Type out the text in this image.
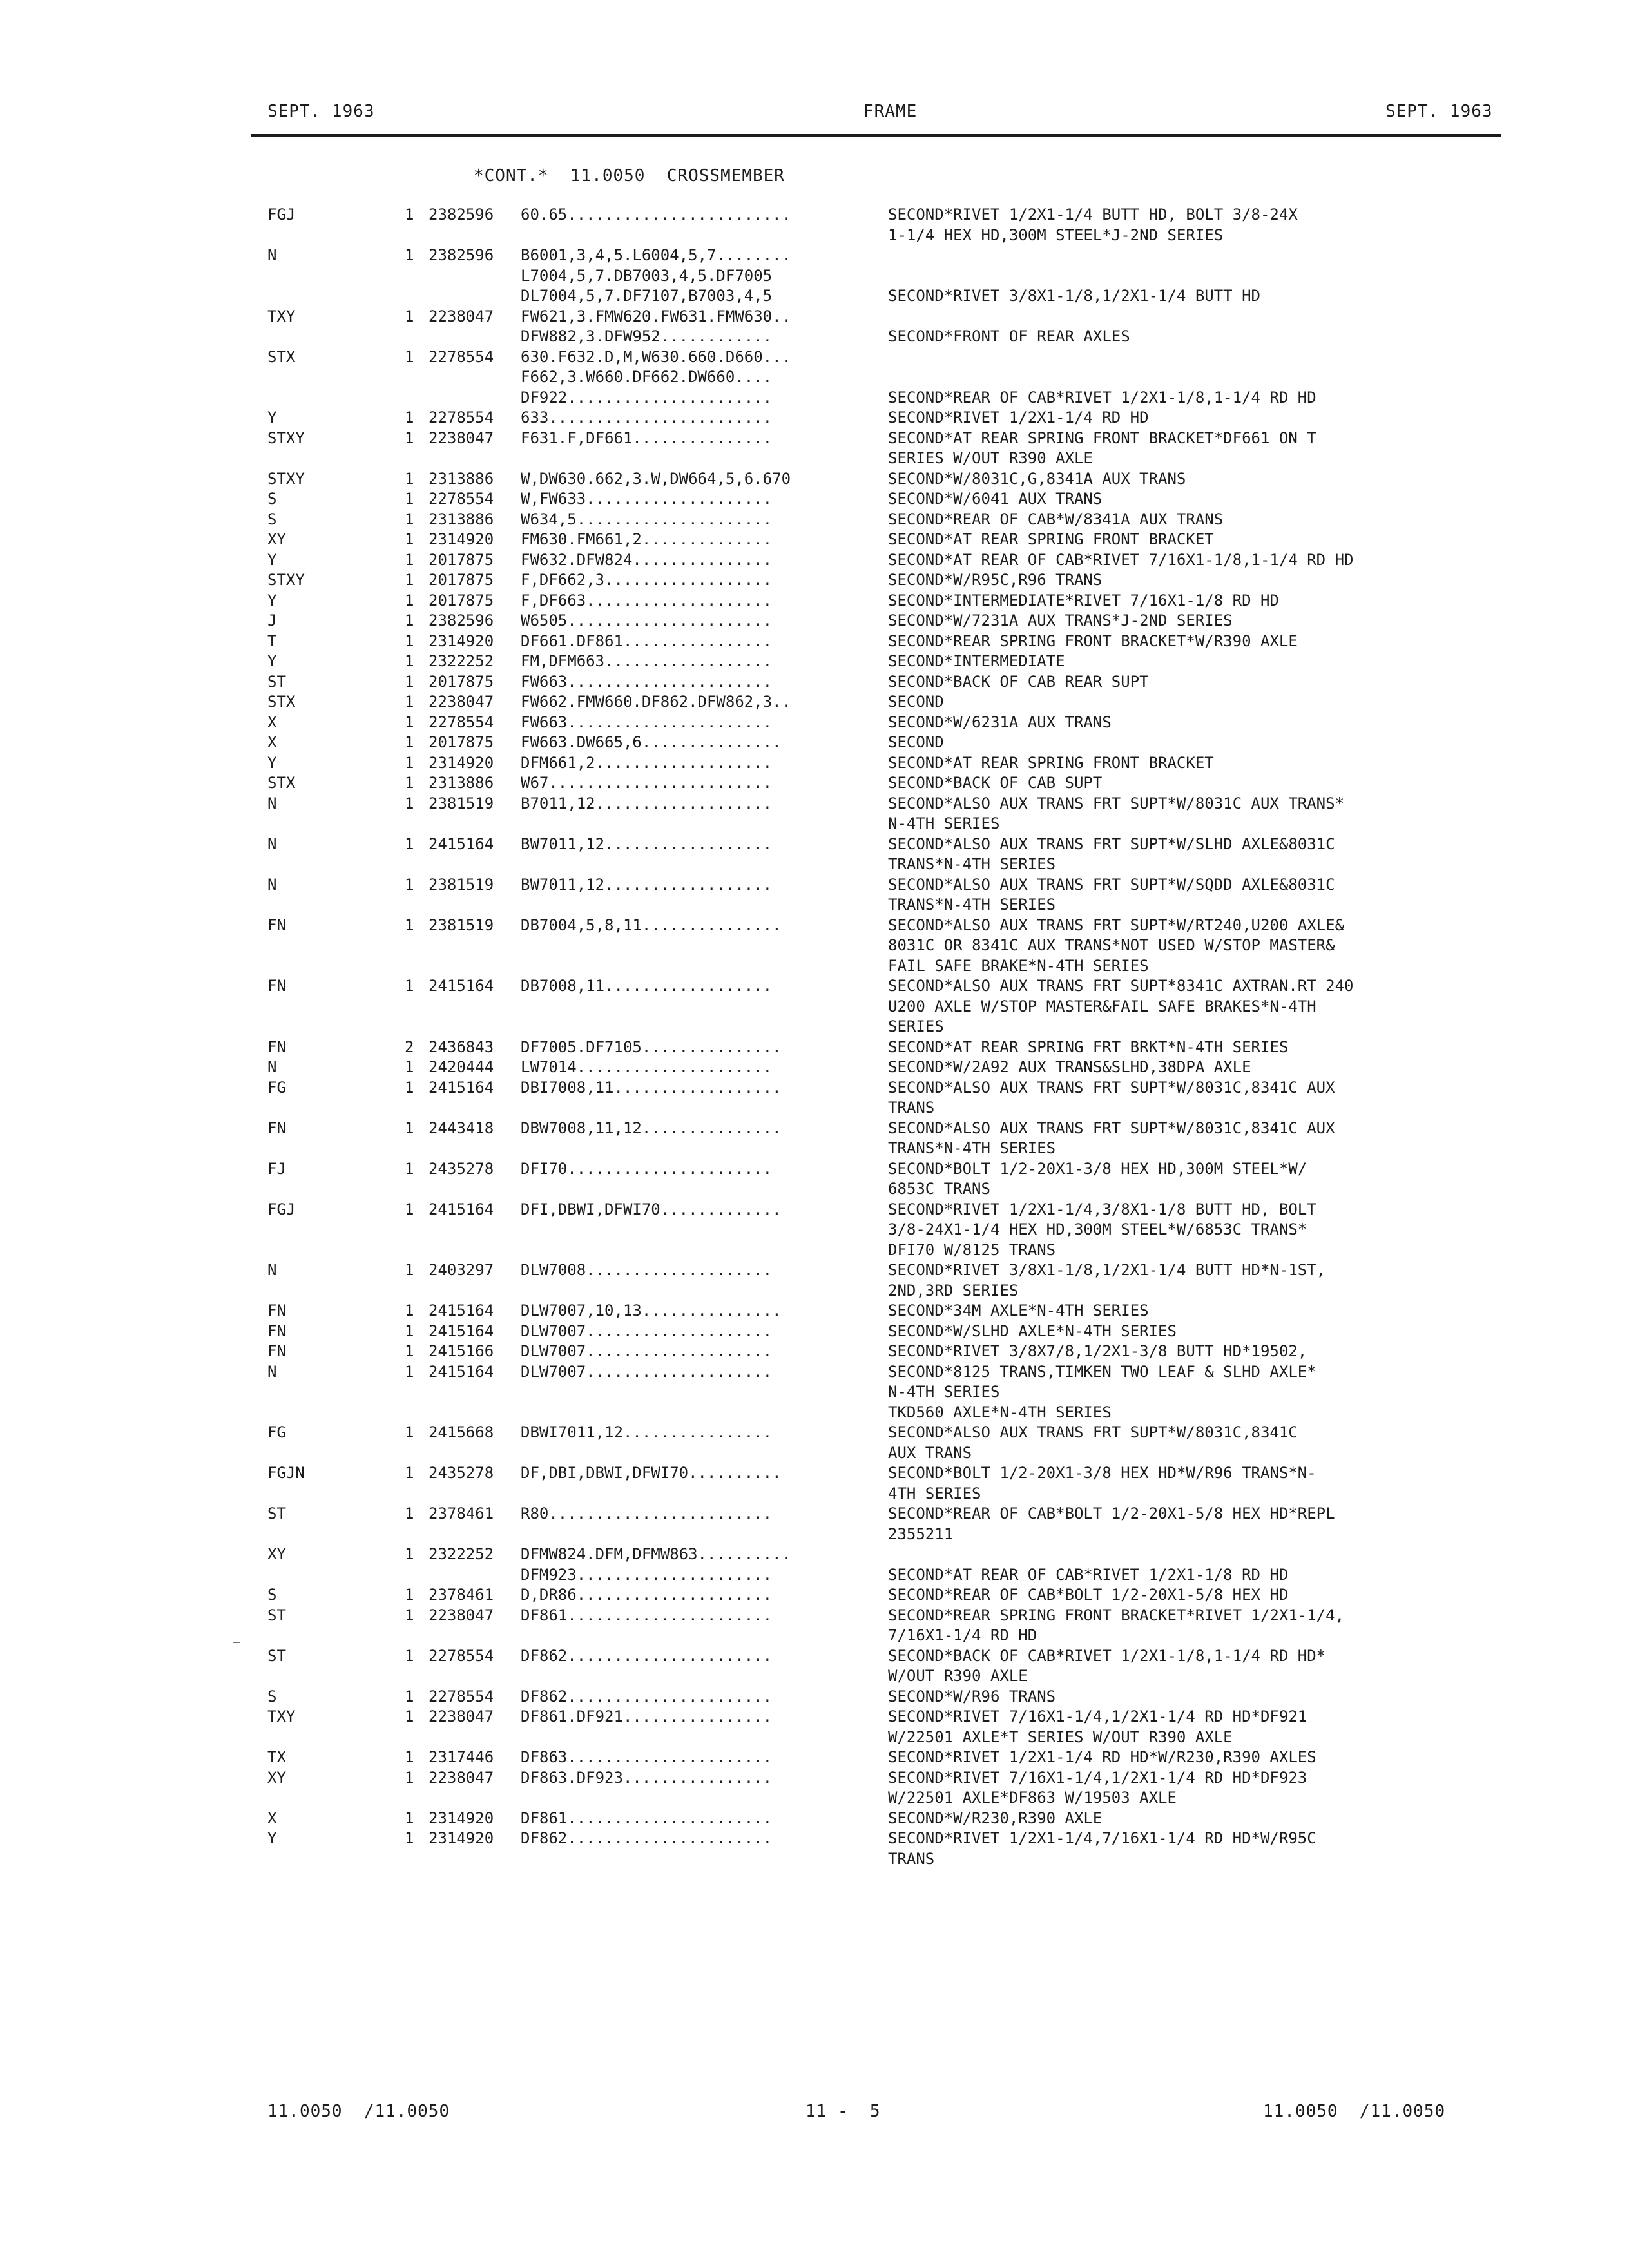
SEPT. 1963	FRAME	SEPT. 1963
*CONT.*  11.0050  CROSSMEMBER
FGJ	1 2382596	60.65........................	SECOND*RIVET 1/2X1-1/4 BUTT HD, BOLT 3/8-24X
1-1/4 HEX HD,300M STEEL*J-2ND SERIES
N	1 2382596	B6001,3,4,5.L6004,5,7........
L7004,5,7.DB7003,4,5.DF7005
DL7004,5,7.DF7107,B7003,4,5	SECOND*RIVET 3/8X1-1/8,1/2X1-1/4 BUTT HD
TXY	1 2238047	FW621,3.FMW620.FW631.FMW630..
DFW882,3.DFW952............	SECOND*FRONT OF REAR AXLES
STX	1 2278554	630.F632.D,M,W630.660.D660...
F662,3.W660.DF662.DW660....
DF922......................	SECOND*REAR OF CAB*RIVET 1/2X1-1/8,1-1/4 RD HD
Y	1 2278554	633........................	SECOND*RIVET 1/2X1-1/4 RD HD
STXY	1 2238047	F631.F,DF661...............	SECOND*AT REAR SPRING FRONT BRACKET*DF661 ON T
SERIES W/OUT R390 AXLE
STXY	1 2313886	W,DW630.662,3.W,DW664,5,6.670	SECOND*W/8031C,G,8341A AUX TRANS
S	1 2278554	W,FW633....................	SECOND*W/6041 AUX TRANS
S	1 2313886	W634,5.....................	SECOND*REAR OF CAB*W/8341A AUX TRANS
XY	1 2314920	FM630.FM661,2..............	SECOND*AT REAR SPRING FRONT BRACKET
Y	1 2017875	FW632.DFW824...............	SECOND*AT REAR OF CAB*RIVET 7/16X1-1/8,1-1/4 RD HD
STXY	1 2017875	F,DF662,3..................	SECOND*W/R95C,R96 TRANS
Y	1 2017875	F,DF663....................	SECOND*INTERMEDIATE*RIVET 7/16X1-1/8 RD HD
J	1 2382596	W6505......................	SECOND*W/7231A AUX TRANS*J-2ND SERIES
T	1 2314920	DF661.DF861................	SECOND*REAR SPRING FRONT BRACKET*W/R390 AXLE
Y	1 2322252	FM,DFM663..................	SECOND*INTERMEDIATE
ST	1 2017875	FW663......................	SECOND*BACK OF CAB REAR SUPT
STX	1 2238047	FW662.FMW660.DF862.DFW862,3..	SECOND
X	1 2278554	FW663......................	SECOND*W/6231A AUX TRANS
X	1 2017875	FW663.DW665,6...............	SECOND
Y	1 2314920	DFM661,2...................	SECOND*AT REAR SPRING FRONT BRACKET
STX	1 2313886	W67........................	SECOND*BACK OF CAB SUPT
N	1 2381519	B7011,12...................	SECOND*ALSO AUX TRANS FRT SUPT*W/8031C AUX TRANS*
N-4TH SERIES
N	1 2415164	BW7011,12..................	SECOND*ALSO AUX TRANS FRT SUPT*W/SLHD AXLE&8031C
TRANS*N-4TH SERIES
N	1 2381519	BW7011,12..................	SECOND*ALSO AUX TRANS FRT SUPT*W/SQDD AXLE&8031C
TRANS*N-4TH SERIES
FN	1 2381519	DB7004,5,8,11...............	SECOND*ALSO AUX TRANS FRT SUPT*W/RT240,U200 AXLE&
8031C OR 8341C AUX TRANS*NOT USED W/STOP MASTER&
FAIL SAFE BRAKE*N-4TH SERIES
FN	1 2415164	DB7008,11..................	SECOND*ALSO AUX TRANS FRT SUPT*8341C AXTRAN.RT 240
U200 AXLE W/STOP MASTER&FAIL SAFE BRAKES*N-4TH
SERIES
FN	2 2436843	DF7005.DF7105...............	SECOND*AT REAR SPRING FRT BRKT*N-4TH SERIES
N	1 2420444	LW7014.....................	SECOND*W/2A92 AUX TRANS&SLHD,38DPA AXLE
FG	1 2415164	DBI7008,11..................	SECOND*ALSO AUX TRANS FRT SUPT*W/8031C,8341C AUX
TRANS
FN	1 2443418	DBW7008,11,12...............	SECOND*ALSO AUX TRANS FRT SUPT*W/8031C,8341C AUX
TRANS*N-4TH SERIES
FJ	1 2435278	DFI70......................	SECOND*BOLT 1/2-20X1-3/8 HEX HD,300M STEEL*W/
6853C TRANS
FGJ	1 2415164	DFI,DBWI,DFWI70.............	SECOND*RIVET 1/2X1-1/4,3/8X1-1/8 BUTT HD, BOLT
3/8-24X1-1/4 HEX HD,300M STEEL*W/6853C TRANS*
DFI70 W/8125 TRANS
N	1 2403297	DLW7008....................	SECOND*RIVET 3/8X1-1/8,1/2X1-1/4 BUTT HD*N-1ST,
2ND,3RD SERIES
FN	1 2415164	DLW7007,10,13...............	SECOND*34M AXLE*N-4TH SERIES
FN	1 2415164	DLW7007....................	SECOND*W/SLHD AXLE*N-4TH SERIES
FN	1 2415166	DLW7007....................	SECOND*RIVET 3/8X7/8,1/2X1-3/8 BUTT HD*19502,
N	1 2415164	DLW7007....................	SECOND*8125 TRANS,TIMKEN TWO LEAF & SLHD AXLE*
N-4TH SERIES
TKD560 AXLE*N-4TH SERIES
FG	1 2415668	DBWI7011,12................	SECOND*ALSO AUX TRANS FRT SUPT*W/8031C,8341C
AUX TRANS
FGJN	1 2435278	DF,DBI,DBWI,DFWI70..........	SECOND*BOLT 1/2-20X1-3/8 HEX HD*W/R96 TRANS*N-
4TH SERIES
ST	1 2378461	R80........................	SECOND*REAR OF CAB*BOLT 1/2-20X1-5/8 HEX HD*REPL
2355211
XY	1 2322252	DFMW824.DFM,DFMW863..........
DFM923.....................	SECOND*AT REAR OF CAB*RIVET 1/2X1-1/8 RD HD
S	1 2378461	D,DR86.....................	SECOND*REAR OF CAB*BOLT 1/2-20X1-5/8 HEX HD
ST	1 2238047	DF861......................	SECOND*REAR SPRING FRONT BRACKET*RIVET 1/2X1-1/4,
7/16X1-1/4 RD HD
ST	1 2278554	DF862......................	SECOND*BACK OF CAB*RIVET 1/2X1-1/8,1-1/4 RD HD*
W/OUT R390 AXLE
S	1 2278554	DF862......................	SECOND*W/R96 TRANS
TXY	1 2238047	DF861.DF921................	SECOND*RIVET 7/16X1-1/4,1/2X1-1/4 RD HD*DF921
W/22501 AXLE*T SERIES W/OUT R390 AXLE
TX	1 2317446	DF863......................	SECOND*RIVET 1/2X1-1/4 RD HD*W/R230,R390 AXLES
XY	1 2238047	DF863.DF923................	SECOND*RIVET 7/16X1-1/4,1/2X1-1/4 RD HD*DF923
W/22501 AXLE*DF863 W/19503 AXLE
X	1 2314920	DF861......................	SECOND*W/R230,R390 AXLE
Y	1 2314920	DF862......................	SECOND*RIVET 1/2X1-1/4,7/16X1-1/4 RD HD*W/R95C
TRANS
11.0050  /11.0050	11 -  5	11.0050  /11.0050
